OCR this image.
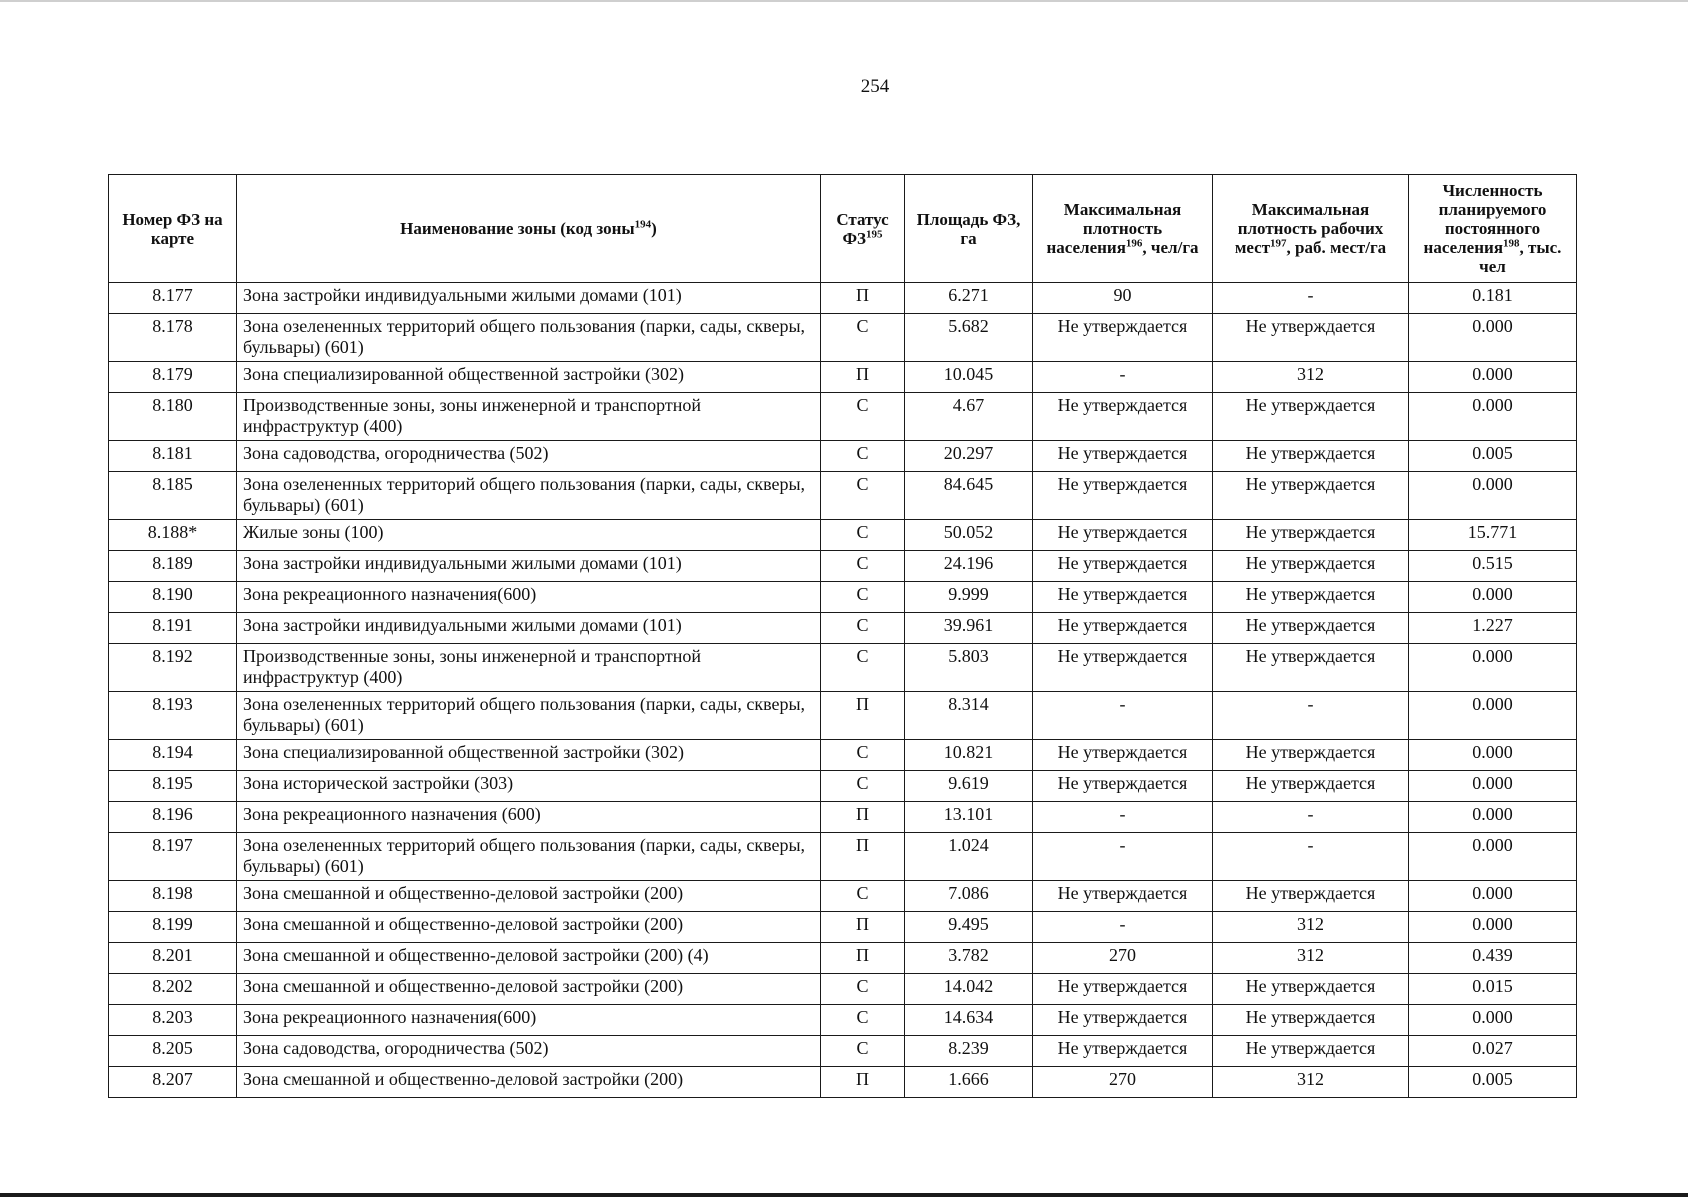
254
Номер ФЗ на карте	Наименование зоны (код зоны$^{194}$)	Статус ФЗ$^{195}$	Площадь ФЗ, га	Максимальная плотность населения$^{196}$, чел/га	Максимальная плотность рабочих мест$^{197}$, раб. мест/га	Численность планируемого постоянного населения$^{198}$, тыс. чел
8.177	Зона застройки индивидуальными жилыми домами (101)	П	6.271	90	-	0.181
8.178	Зона озелененных территорий общего пользования (парки, сады, скверы, бульвары) (601)	С	5.682	Не утверждается	Не утверждается	0.000
8.179	Зона специализированной общественной застройки (302)	П	10.045	-	312	0.000
8.180	Производственные зоны, зоны инженерной и транспортной инфраструктур (400)	С	4.67	Не утверждается	Не утверждается	0.000
8.181	Зона садоводства, огородничества (502)	С	20.297	Не утверждается	Не утверждается	0.005
8.185	Зона озелененных территорий общего пользования (парки, сады, скверы, бульвары) (601)	С	84.645	Не утверждается	Не утверждается	0.000
8.188*	Жилые зоны (100)	С	50.052	Не утверждается	Не утверждается	15.771
8.189	Зона застройки индивидуальными жилыми домами (101)	С	24.196	Не утверждается	Не утверждается	0.515
8.190	Зона рекреационного назначения(600)	С	9.999	Не утверждается	Не утверждается	0.000
8.191	Зона застройки индивидуальными жилыми домами (101)	С	39.961	Не утверждается	Не утверждается	1.227
8.192	Производственные зоны, зоны инженерной и транспортной инфраструктур (400)	С	5.803	Не утверждается	Не утверждается	0.000
8.193	Зона озелененных территорий общего пользования (парки, сады, скверы, бульвары) (601)	П	8.314	-	-	0.000
8.194	Зона специализированной общественной застройки (302)	С	10.821	Не утверждается	Не утверждается	0.000
8.195	Зона исторической застройки (303)	С	9.619	Не утверждается	Не утверждается	0.000
8.196	Зона рекреационного назначения (600)	П	13.101	-	-	0.000
8.197	Зона озелененных территорий общего пользования (парки, сады, скверы, бульвары) (601)	П	1.024	-	-	0.000
8.198	Зона смешанной и общественно-деловой застройки (200)	С	7.086	Не утверждается	Не утверждается	0.000
8.199	Зона смешанной и общественно-деловой застройки (200)	П	9.495	-	312	0.000
8.201	Зона смешанной и общественно-деловой застройки (200) (4)	П	3.782	270	312	0.439
8.202	Зона смешанной и общественно-деловой застройки (200)	С	14.042	Не утверждается	Не утверждается	0.015
8.203	Зона рекреационного назначения(600)	С	14.634	Не утверждается	Не утверждается	0.000
8.205	Зона садоводства, огородничества (502)	С	8.239	Не утверждается	Не утверждается	0.027
8.207	Зона смешанной и общественно-деловой застройки (200)	П	1.666	270	312	0.005
